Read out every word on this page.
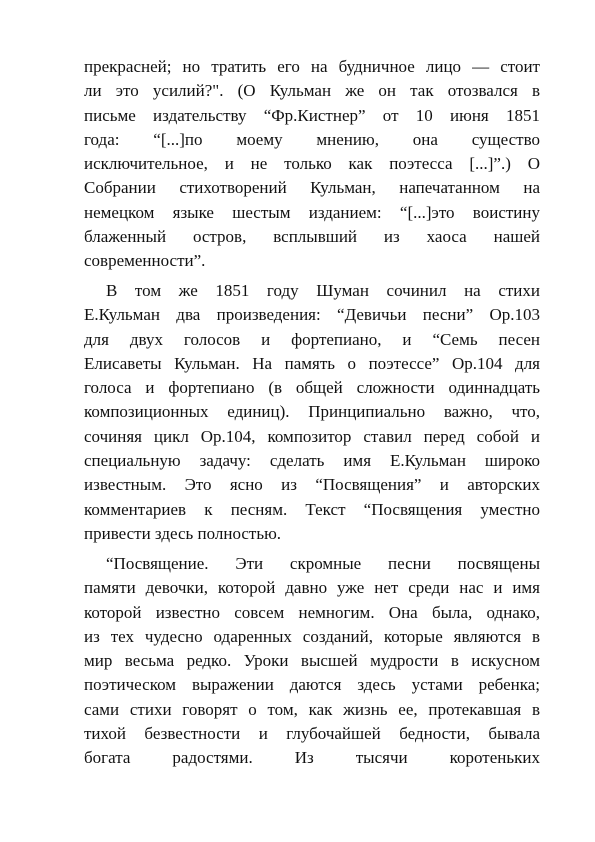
прекрасней; но тратить его на будничное лицо — стоит
ли это усилий?". (О Кульман же он так отозвался в
письме издательству “Фр.Кистнер” от 10 июня 1851
года: “[...]по моему мнению, она существо
исключительное, и не только как поэтесса [...]”.) О
Собрании стихотворений Кульман, напечатанном на
немецком языке шестым изданием: “[...]это воистину
блаженный остров, всплывший из хаоса нашей
современности”.
В том же 1851 году Шуман сочинил на стихи
Е.Кульман два произведения: “Девичьи песни” Op.103
для двух голосов и фортепиано, и “Семь песен
Елисаветы Кульман. На память о поэтессе” Op.104 для
голоса и фортепиано (в общей сложности одиннадцать
композиционных единиц). Принципиально важно, что,
сочиняя цикл Op.104, композитор ставил перед собой и
специальную задачу: сделать имя Е.Кульман широко
известным. Это ясно из “Посвящения” и авторских
комментариев к песням. Текст “Посвящения уместно
привести здесь полностью.
“Посвящение. Эти скромные песни посвящены
памяти девочки, которой давно уже нет среди нас и имя
которой известно совсем немногим. Она была, однако,
из тех чудесно одаренных созданий, которые являются в
мир весьма редко. Уроки высшей мудрости в искусном
поэтическом выражении даются здесь устами ребенка;
сами стихи говорят о том, как жизнь ее, протекавшая в
тихой безвестности и глубочайшей бедности, бывала
богата радостями. Из тысячи коротеньких
